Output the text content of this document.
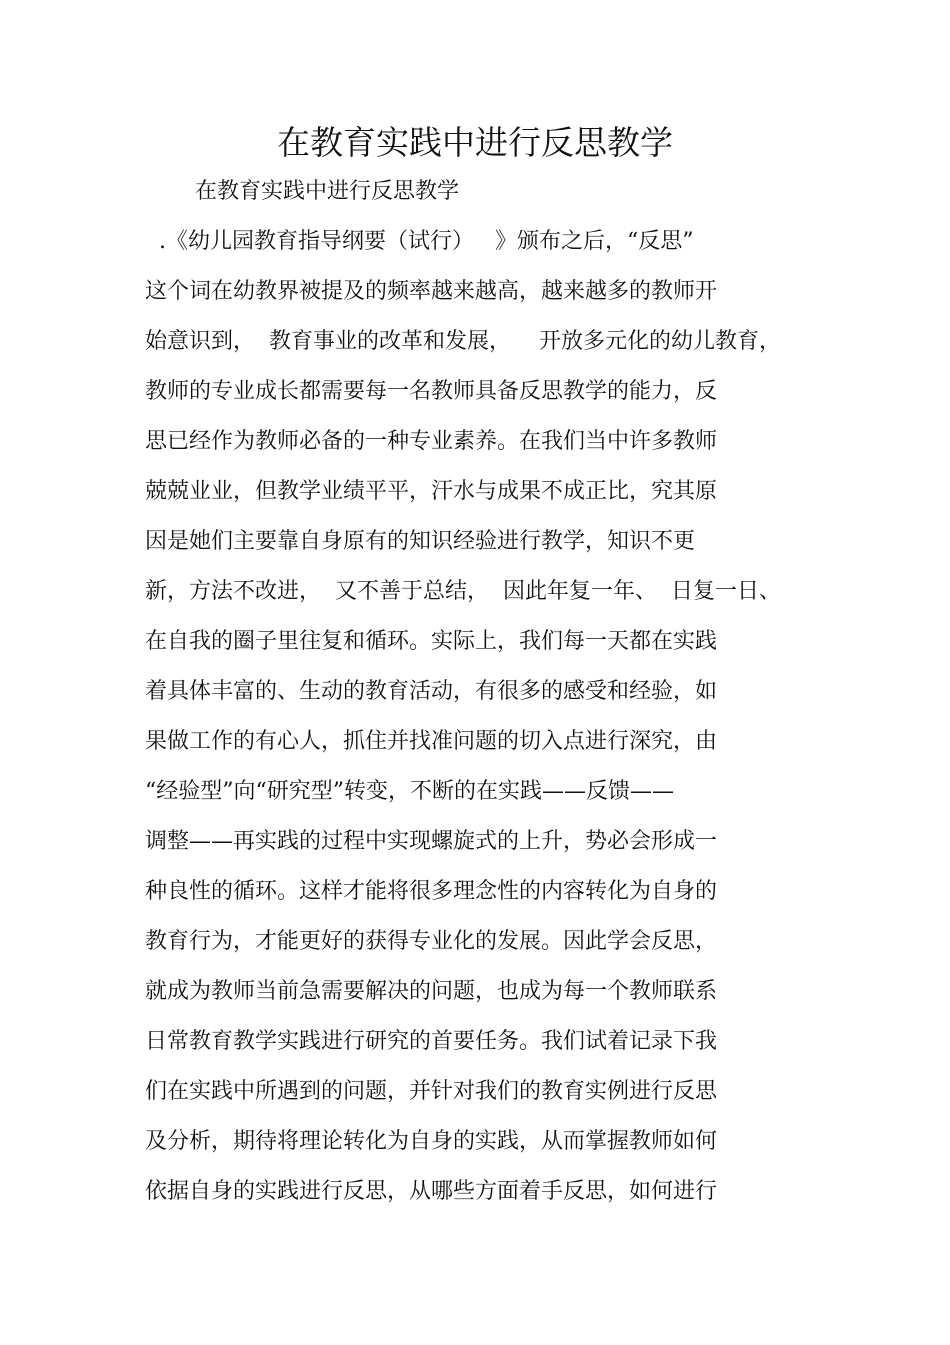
在教育实践中进行反思教学
在教育实践中进行反思教学
.《幼儿园教育指导纲要（试行）   》颁布之后，“反思”
这个词在幼教界被提及的频率越来越高，越来越多的教师开
始意识到，  教育事业的改革和发展，    开放多元化的幼儿教育，
教师的专业成长都需要每一名教师具备反思教学的能力，反
思已经作为教师必备的一种专业素养。在我们当中许多教师
兢兢业业，但教学业绩平平，汗水与成果不成正比，究其原
因是她们主要靠自身原有的知识经验进行教学，知识不更
新，方法不改进，  又不善于总结，  因此年复一年、  日复一日、
在自我的圈子里往复和循环。实际上，我们每一天都在实践
着具体丰富的、生动的教育活动，有很多的感受和经验，如
果做工作的有心人，抓住并找准问题的切入点进行深究，由
“经验型”向“研究型”转变，不断的在实践——反馈——
调整——再实践的过程中实现螺旋式的上升，势必会形成一
种良性的循环。这样才能将很多理念性的内容转化为自身的
教育行为，才能更好的获得专业化的发展。因此学会反思，
就成为教师当前急需要解决的问题，也成为每一个教师联系
日常教育教学实践进行研究的首要任务。我们试着记录下我
们在实践中所遇到的问题，并针对我们的教育实例进行反思
及分析，期待将理论转化为自身的实践，从而掌握教师如何
依据自身的实践进行反思，从哪些方面着手反思，如何进行
